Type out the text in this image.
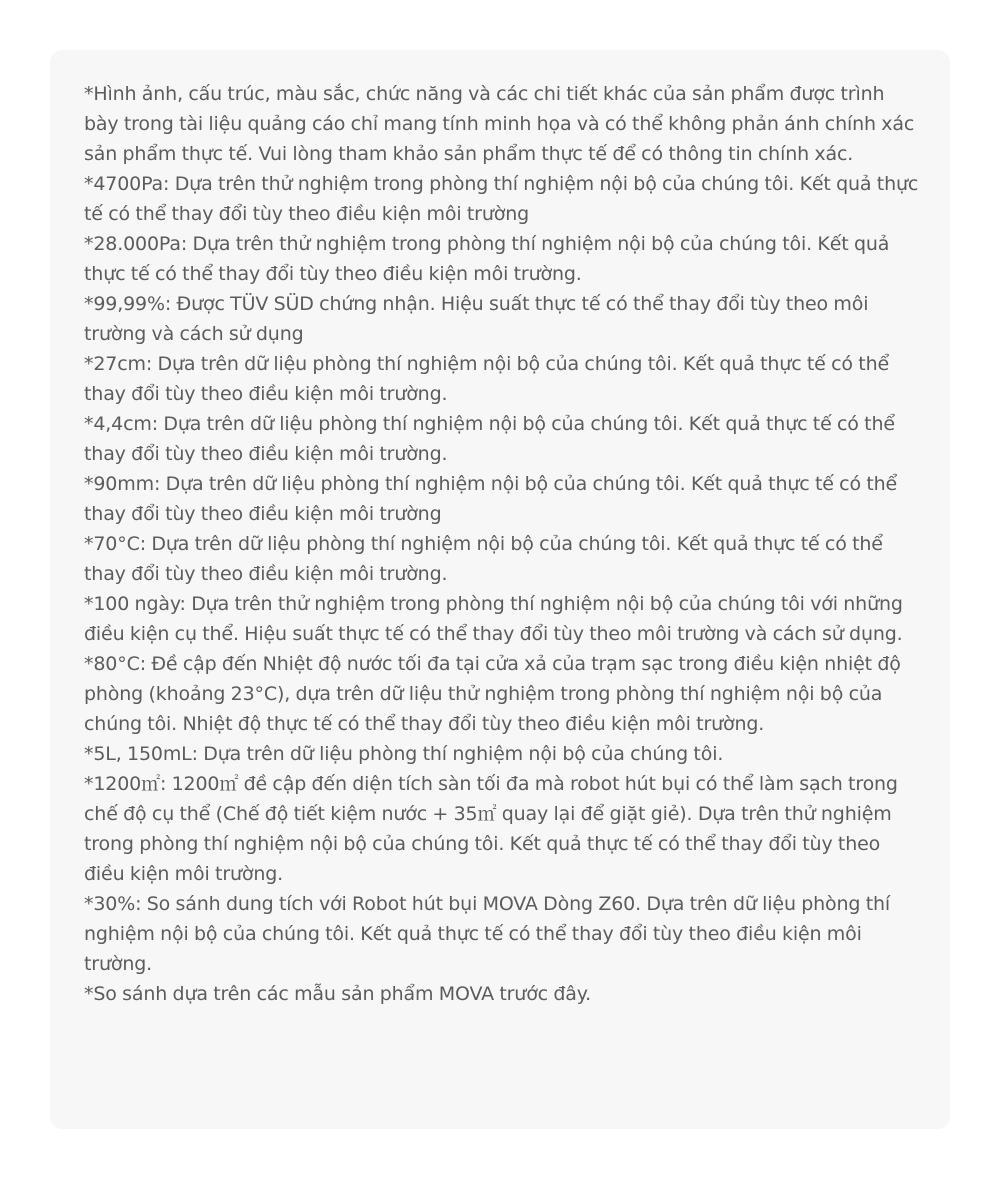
*Hình ảnh, cấu trúc, màu sắc, chức năng và các chi tiết khác của sản phẩm được trình bày trong tài liệu quảng cáo chỉ mang tính minh họa và có thể không phản ánh chính xác sản phẩm thực tế. Vui lòng tham khảo sản phẩm thực tế để có thông tin chính xác.
*4700Pa: Dựa trên thử nghiệm trong phòng thí nghiệm nội bộ của chúng tôi. Kết quả thực tế có thể thay đổi tùy theo điều kiện môi trường
*28.000Pa: Dựa trên thử nghiệm trong phòng thí nghiệm nội bộ của chúng tôi. Kết quả thực tế có thể thay đổi tùy theo điều kiện môi trường.
*99,99%: Được TÜV SÜD chứng nhận. Hiệu suất thực tế có thể thay đổi tùy theo môi trường và cách sử dụng
*27cm: Dựa trên dữ liệu phòng thí nghiệm nội bộ của chúng tôi. Kết quả thực tế có thể thay đổi tùy theo điều kiện môi trường.
*4,4cm: Dựa trên dữ liệu phòng thí nghiệm nội bộ của chúng tôi. Kết quả thực tế có thể thay đổi tùy theo điều kiện môi trường.
*90mm: Dựa trên dữ liệu phòng thí nghiệm nội bộ của chúng tôi. Kết quả thực tế có thể thay đổi tùy theo điều kiện môi trường
*70°C: Dựa trên dữ liệu phòng thí nghiệm nội bộ của chúng tôi. Kết quả thực tế có thể thay đổi tùy theo điều kiện môi trường.
*100 ngày: Dựa trên thử nghiệm trong phòng thí nghiệm nội bộ của chúng tôi với những điều kiện cụ thể. Hiệu suất thực tế có thể thay đổi tùy theo môi trường và cách sử dụng.
*80°C: Đề cập đến Nhiệt độ nước tối đa tại cửa xả của trạm sạc trong điều kiện nhiệt độ phòng (khoảng 23°C), dựa trên dữ liệu thử nghiệm trong phòng thí nghiệm nội bộ của chúng tôi. Nhiệt độ thực tế có thể thay đổi tùy theo điều kiện môi trường.
*5L, 150mL: Dựa trên dữ liệu phòng thí nghiệm nội bộ của chúng tôi.
*1200㎡: 1200㎡ đề cập đến diện tích sàn tối đa mà robot hút bụi có thể làm sạch trong chế độ cụ thể (Chế độ tiết kiệm nước + 35㎡ quay lại để giặt giẻ). Dựa trên thử nghiệm trong phòng thí nghiệm nội bộ của chúng tôi. Kết quả thực tế có thể thay đổi tùy theo điều kiện môi trường.
*30%: So sánh dung tích với Robot hút bụi MOVA Dòng Z60. Dựa trên dữ liệu phòng thí nghiệm nội bộ của chúng tôi. Kết quả thực tế có thể thay đổi tùy theo điều kiện môi trường.
*So sánh dựa trên các mẫu sản phẩm MOVA trước đây.
